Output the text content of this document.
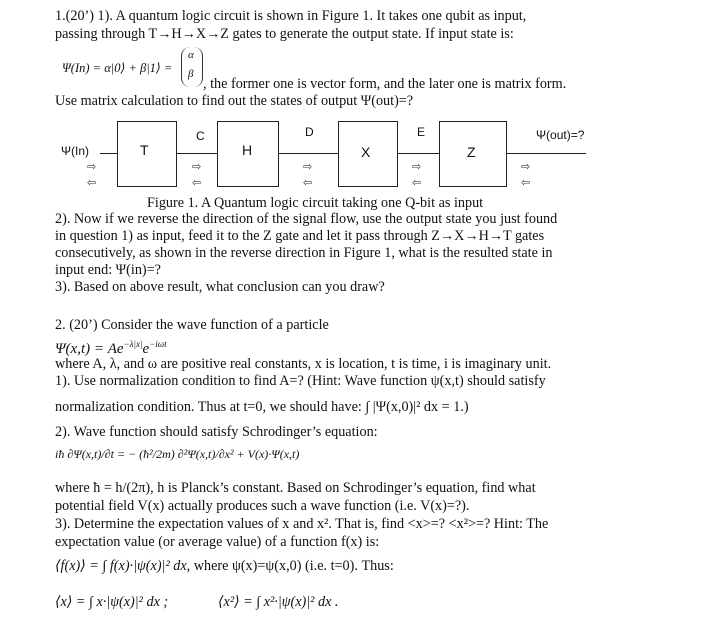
1.(20’) 1). A quantum logic circuit is shown in Figure 1. It takes one qubit as input,
passing through T→H→X→Z gates to generate the output state. If input state is:
Ψ(In) = α|0⟩ + β|1⟩ =
α
β
, the former one is vector form, and the later one is matrix form.
Use matrix calculation to find out the states of output Ψ(out)=?
Ψ(In)	T
C
H
D
X
E
Z
Ψ(out)=?
⇨
⇦
⇨
⇦
⇨
⇦
⇨
⇦
⇨
⇦
Figure 1. A Quantum logic circuit taking one Q-bit as input
2). Now if we reverse the direction of the signal flow, use the output state you just found
in question 1) as input, feed it to the Z gate and let it pass through Z→X→H→T gates
consecutively, as shown in the reverse direction in Figure 1, what is the resulted state in
input end: Ψ(in)=?
3). Based on above result, what conclusion can you draw?
2. (20’) Consider the wave function of a particle
$\Psi(x,t) = Ae^{-\lambda|x|}e^{-i\omega t}$
where A, λ, and ω are positive real constants, x is location, t is time, i is imaginary unit.
1). Use normalization condition to find A=? (Hint: Wave function ψ(x,t) should satisfy
normalization condition. Thus at t=0, we should have: ∫ |Ψ(x,0)|² dx = 1.)
2). Wave function should satisfy Schrodinger’s equation:
iħ ∂Ψ(x,t)/∂t = − (ħ²/2m) ∂²Ψ(x,t)/∂x² + V(x)·Ψ(x,t)
where ħ = h/(2π), h is Planck’s constant. Based on Schrodinger’s equation, find what
potential field V(x) actually produces such a wave function (i.e. V(x)=?).
3). Determine the expectation values of x and x². That is, find <x>=? <x²>=? Hint: The
expectation value (or average value) of a function f(x) is:
⟨f(x)⟩ = ∫ f(x)·|ψ(x)|² dx, where ψ(x)=ψ(x,0) (i.e. t=0). Thus:
⟨x⟩ = ∫ x·|ψ(x)|² dx ;	⟨x²⟩ = ∫ x²·|ψ(x)|² dx .
